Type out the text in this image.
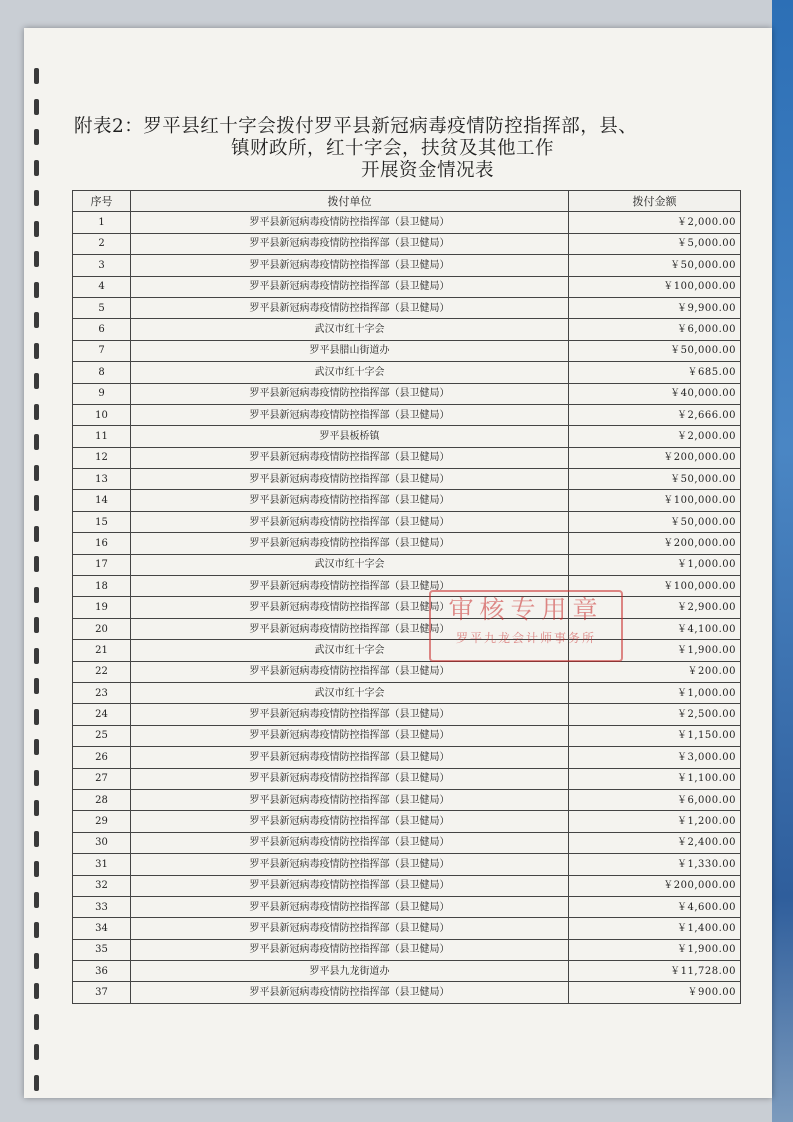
附表2：罗平县红十字会拨付罗平县新冠病毒疫情防控指挥部，县、
镇财政所，红十字会，扶贫及其他工作
开展资金情况表
序号	拨付单位	拨付金额
1	罗平县新冠病毒疫情防控指挥部（县卫健局）	￥2,000.00
2	罗平县新冠病毒疫情防控指挥部（县卫健局）	￥5,000.00
3	罗平县新冠病毒疫情防控指挥部（县卫健局）	￥50,000.00
4	罗平县新冠病毒疫情防控指挥部（县卫健局）	￥100,000.00
5	罗平县新冠病毒疫情防控指挥部（县卫健局）	￥9,900.00
6	武汉市红十字会	￥6,000.00
7	罗平县腊山街道办	￥50,000.00
8	武汉市红十字会	￥685.00
9	罗平县新冠病毒疫情防控指挥部（县卫健局）	￥40,000.00
10	罗平县新冠病毒疫情防控指挥部（县卫健局）	￥2,666.00
11	罗平县板桥镇	￥2,000.00
12	罗平县新冠病毒疫情防控指挥部（县卫健局）	￥200,000.00
13	罗平县新冠病毒疫情防控指挥部（县卫健局）	￥50,000.00
14	罗平县新冠病毒疫情防控指挥部（县卫健局）	￥100,000.00
15	罗平县新冠病毒疫情防控指挥部（县卫健局）	￥50,000.00
16	罗平县新冠病毒疫情防控指挥部（县卫健局）	￥200,000.00
17	武汉市红十字会	￥1,000.00
18	罗平县新冠病毒疫情防控指挥部（县卫健局）	￥100,000.00
19	罗平县新冠病毒疫情防控指挥部（县卫健局）	￥2,900.00
20	罗平县新冠病毒疫情防控指挥部（县卫健局）	￥4,100.00
21	武汉市红十字会	￥1,900.00
22	罗平县新冠病毒疫情防控指挥部（县卫健局）	￥200.00
23	武汉市红十字会	￥1,000.00
24	罗平县新冠病毒疫情防控指挥部（县卫健局）	￥2,500.00
25	罗平县新冠病毒疫情防控指挥部（县卫健局）	￥1,150.00
26	罗平县新冠病毒疫情防控指挥部（县卫健局）	￥3,000.00
27	罗平县新冠病毒疫情防控指挥部（县卫健局）	￥1,100.00
28	罗平县新冠病毒疫情防控指挥部（县卫健局）	￥6,000.00
29	罗平县新冠病毒疫情防控指挥部（县卫健局）	￥1,200.00
30	罗平县新冠病毒疫情防控指挥部（县卫健局）	￥2,400.00
31	罗平县新冠病毒疫情防控指挥部（县卫健局）	￥1,330.00
32	罗平县新冠病毒疫情防控指挥部（县卫健局）	￥200,000.00
33	罗平县新冠病毒疫情防控指挥部（县卫健局）	￥4,600.00
34	罗平县新冠病毒疫情防控指挥部（县卫健局）	￥1,400.00
35	罗平县新冠病毒疫情防控指挥部（县卫健局）	￥1,900.00
36	罗平县九龙街道办	￥11,728.00
37	罗平县新冠病毒疫情防控指挥部（县卫健局）	￥900.00
审核专用章
罗平九龙会计师事务所
